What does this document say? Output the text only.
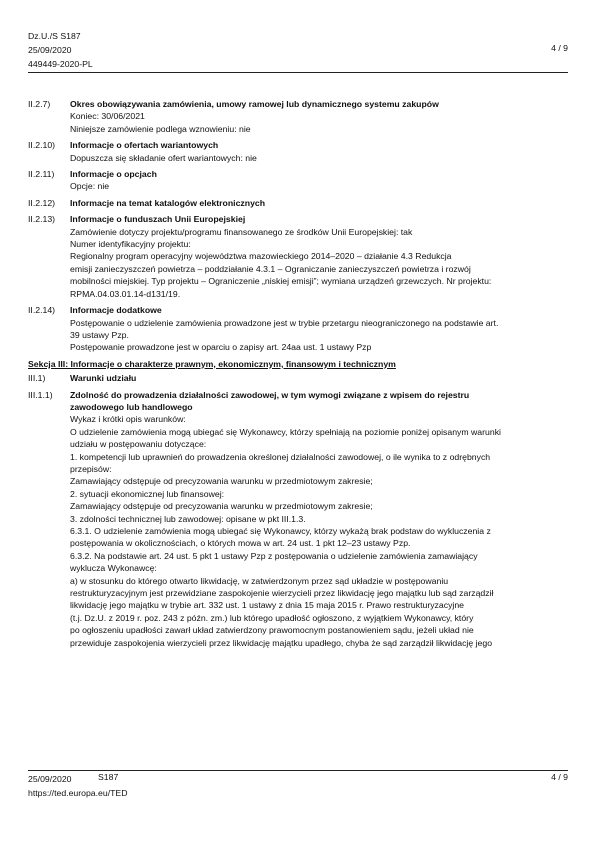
Dz.U./S S187
25/09/2020
449449-2020-PL
4 / 9
II.2.7)	Okres obowiązywania zamówienia, umowy ramowej lub dynamicznego systemu zakupów
Koniec: 30/06/2021
Niniejsze zamówienie podlega wznowieniu: nie
II.2.10)	Informacje o ofertach wariantowych
Dopuszcza się składanie ofert wariantowych: nie
II.2.11)	Informacje o opcjach
Opcje: nie
II.2.12)	Informacje na temat katalogów elektronicznych
II.2.13)	Informacje o funduszach Unii Europejskiej
Zamówienie dotyczy projektu/programu finansowanego ze środków Unii Europejskiej: tak
Numer identyfikacyjny projektu:
Regionalny program operacyjny województwa mazowieckiego 2014–2020 – działanie 4.3 Redukcja
emisji zanieczyszczeń powietrza – poddziałanie 4.3.1 – Ograniczanie zanieczyszczeń powietrza i rozwój
mobilności miejskiej. Typ projektu – Ograniczenie „niskiej emisji”; wymiana urządzeń grzewczych. Nr projektu:
RPMA.04.03.01.14-d131/19.
II.2.14)	Informacje dodatkowe
Postępowanie o udzielenie zamówienia prowadzone jest w trybie przetargu nieograniczonego na podstawie art.
39 ustawy Pzp.
Postępowanie prowadzone jest w oparciu o zapisy art. 24aa ust. 1 ustawy Pzp
Sekcja III: Informacje o charakterze prawnym, ekonomicznym, finansowym i technicznym
III.1)	Warunki udziału
III.1.1)	Zdolność do prowadzenia działalności zawodowej, w tym wymogi związane z wpisem do rejestru
zawodowego lub handlowego
Wykaz i krótki opis warunków:
O udzielenie zamówienia mogą ubiegać się Wykonawcy, którzy spełniają na poziomie poniżej opisanym warunki
udziału w postępowaniu dotyczące:
1. kompetencji lub uprawnień do prowadzenia określonej działalności zawodowej, o ile wynika to z odrębnych
przepisów:
Zamawiający odstępuje od precyzowania warunku w przedmiotowym zakresie;
2. sytuacji ekonomicznej lub finansowej:
Zamawiający odstępuje od precyzowania warunku w przedmiotowym zakresie;
3. zdolności technicznej lub zawodowej: opisane w pkt III.1.3.
6.3.1. O udzielenie zamówienia mogą ubiegać się Wykonawcy, którzy wykażą brak podstaw do wykluczenia z
postępowania w okolicznościach, o których mowa w art. 24 ust. 1 pkt 12–23 ustawy Pzp.
6.3.2. Na podstawie art. 24 ust. 5 pkt 1 ustawy Pzp z postępowania o udzielenie zamówienia zamawiający
wyklucza Wykonawcę:
a) w stosunku do którego otwarto likwidację, w zatwierdzonym przez sąd układzie w postępowaniu
restrukturyzacyjnym jest przewidziane zaspokojenie wierzycieli przez likwidację jego majątku lub sąd zarządził
likwidację jego majątku w trybie art. 332 ust. 1 ustawy z dnia 15 maja 2015 r. Prawo restrukturyzacyjne
(t.j. Dz.U. z 2019 r. poz. 243 z późn. zm.) lub którego upadłość ogłoszono, z wyjątkiem Wykonawcy, który
po ogłoszeniu upadłości zawarł układ zatwierdzony prawomocnym postanowieniem sądu, jeżeli układ nie
przewiduje zaspokojenia wierzycieli przez likwidację majątku upadłego, chyba że sąd zarządził likwidację jego
25/09/2020
https://ted.europa.eu/TED
S187	4 / 9
